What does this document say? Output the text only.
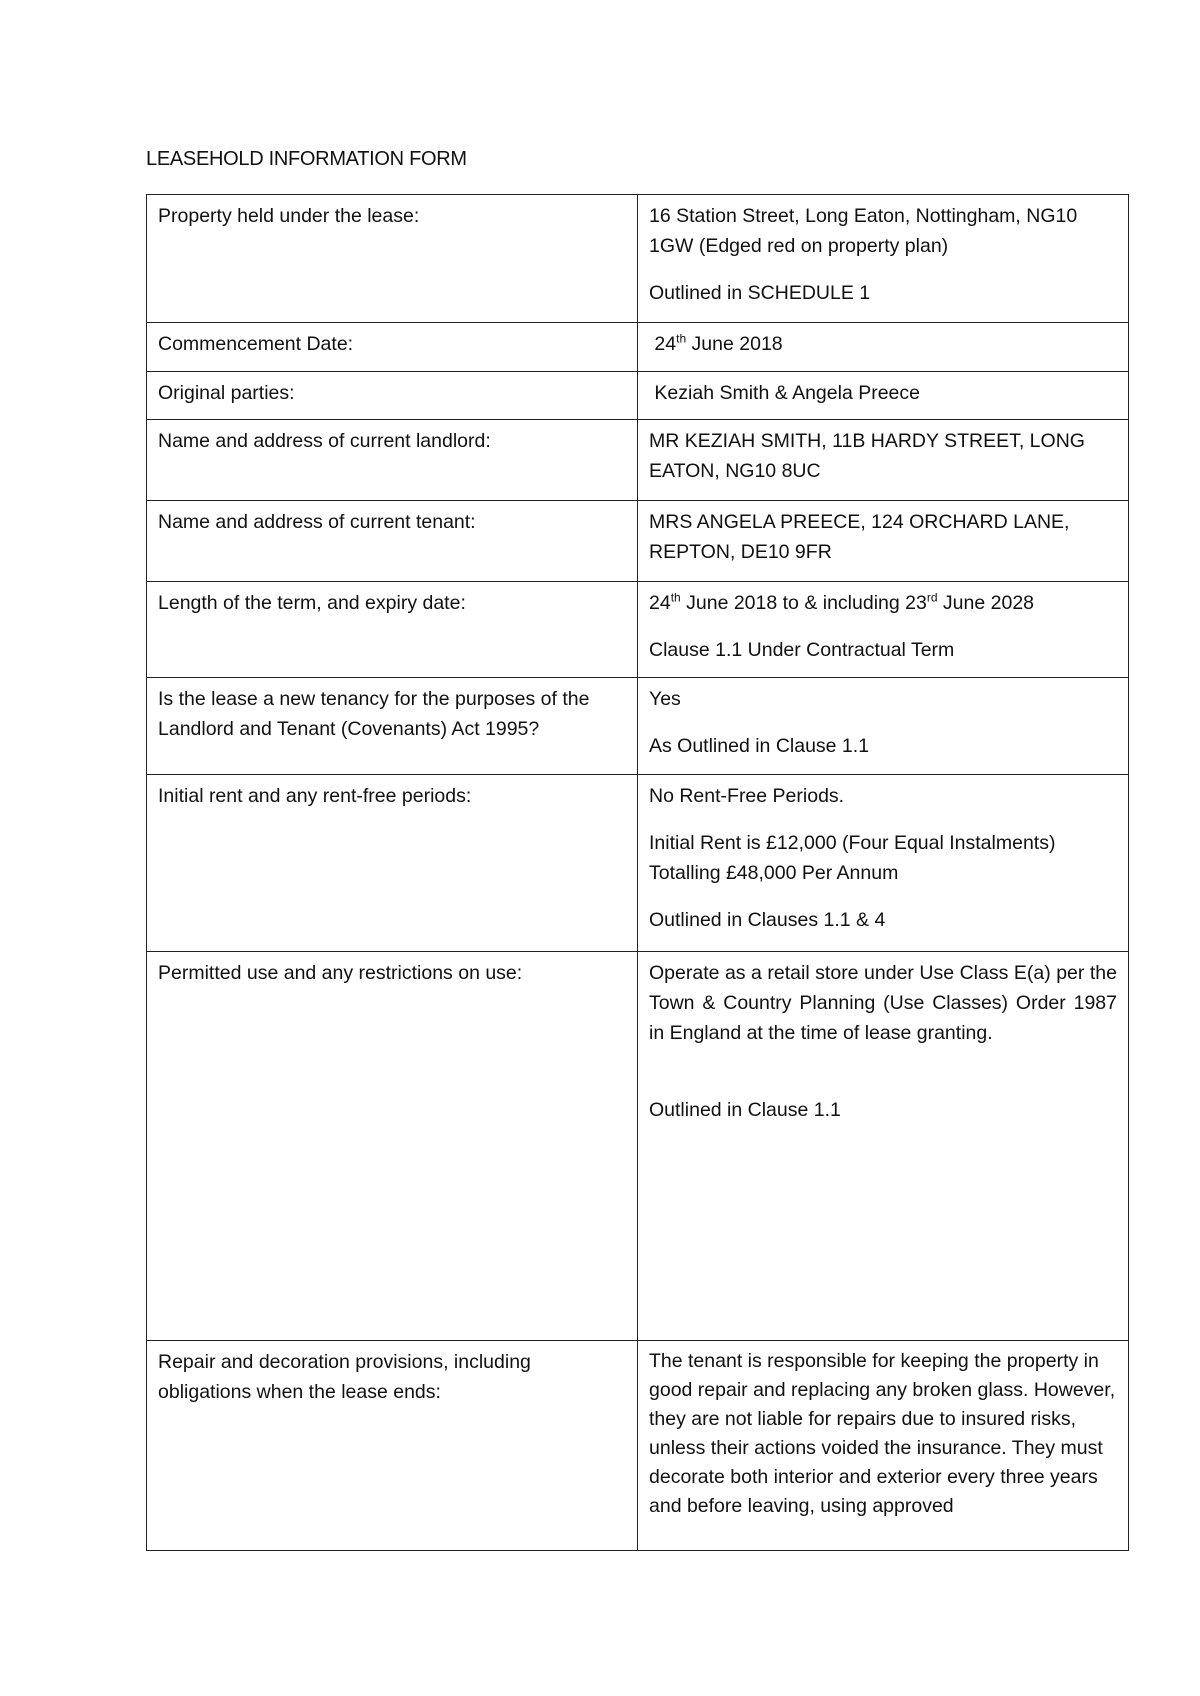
LEASEHOLD INFORMATION FORM
Property held under the lease:	16 Station Street, Long Eaton, Nottingham, NG10 1GW (Edged red on property plan)
Outlined in SCHEDULE 1

Commencement Date:	24th June 2018

Original parties:	Keziah Smith & Angela Preece

Name and address of current landlord:	MR KEZIAH SMITH, 11B HARDY STREET, LONG EATON, NG10 8UC

Name and address of current tenant:	MRS ANGELA PREECE, 124 ORCHARD LANE, REPTON, DE10 9FR

Length of the term, and expiry date:	24th June 2018 to & including 23rd June 2028
Clause 1.1 Under Contractual Term

Is the lease a new tenancy for the purposes of the Landlord and Tenant (Covenants) Act 1995?	Yes
As Outlined in Clause 1.1

Initial rent and any rent-free periods:	No Rent-Free Periods.
Initial Rent is £12,000 (Four Equal Instalments) Totalling £48,000 Per Annum
Outlined in Clauses 1.1 & 4

Permitted use and any restrictions on use:	Operate as a retail store under Use Class E(a) per the Town & Country Planning (Use Classes) Order 1987 in England at the time of lease granting.
Outlined in Clause 1.1

Repair and decoration provisions, including obligations when the lease ends:	The tenant is responsible for keeping the property in good repair and replacing any broken glass. However, they are not liable for repairs due to insured risks, unless their actions voided the insurance. They must decorate both interior and exterior every three years and before leaving, using approved
